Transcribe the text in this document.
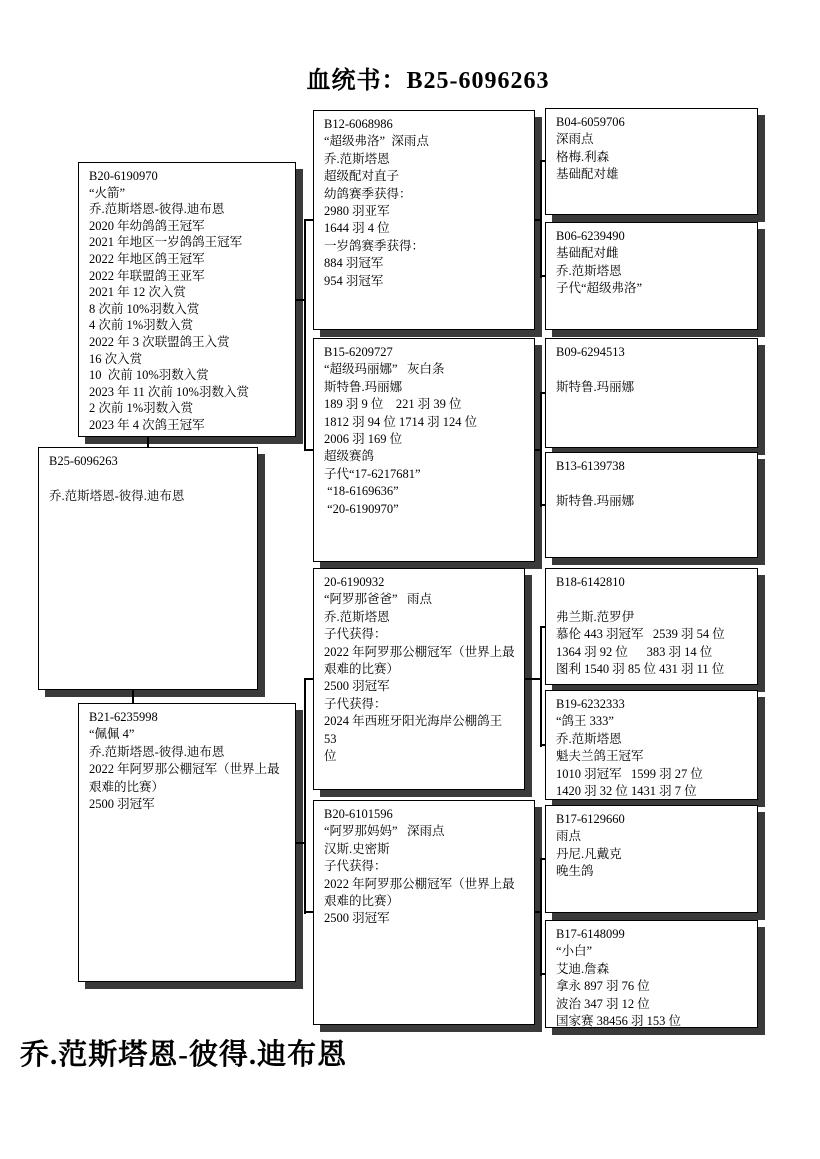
血统书：B25-6096263
B20-6190970
“火箭”
乔.范斯塔恩-彼得.迪布恩
2020 年幼鸽鸽王冠军
2021 年地区一岁鸽鸽王冠军
2022 年地区鸽王冠军
2022 年联盟鸽王亚军
2021 年 12 次入赏
8 次前 10%羽数入赏
4 次前 1%羽数入赏
2022 年 3 次联盟鸽王入赏
16 次入赏
10  次前 10%羽数入赏
2023 年 11 次前 10%羽数入赏
2 次前 1%羽数入赏
2023 年 4 次鸽王冠军
B25-6096263
乔.范斯塔恩-彼得.迪布恩
B21-6235998
“佩佩 4”
乔.范斯塔恩-彼得.迪布恩
2022 年阿罗那公棚冠军（世界上最
艰难的比赛）
2500 羽冠军
B12-6068986
“超级弗洛”  深雨点
乔.范斯塔恩
超级配对直子
幼鸽赛季获得：
2980 羽亚军
1644 羽 4 位
一岁鸽赛季获得：
884 羽冠军
954 羽冠军
B15-6209727
“超级玛丽娜”   灰白条
斯特鲁.玛丽娜
189 羽 9 位    221 羽 39 位
1812 羽 94 位 1714 羽 124 位
2006 羽 169 位
超级赛鸽
子代“17-6217681”
“18-6169636”
“20-6190970”
20-6190932
“阿罗那爸爸”   雨点
乔.范斯塔恩
子代获得：
2022 年阿罗那公棚冠军（世界上最
艰难的比赛）
2500 羽冠军
子代获得：
2024 年西班牙阳光海岸公棚鸽王 53
位
B20-6101596
“阿罗那妈妈”   深雨点
汉斯.史密斯
子代获得：
2022 年阿罗那公棚冠军（世界上最
艰难的比赛）
2500 羽冠军
B04-6059706
深雨点
格梅.利森
基础配对雄
B06-6239490
基础配对雌
乔.范斯塔恩
子代“超级弗洛”
B09-6294513
斯特鲁.玛丽娜
B13-6139738
斯特鲁.玛丽娜
B18-6142810
弗兰斯.范罗伊
慕伦 443 羽冠军   2539 羽 54 位
1364 羽 92 位      383 羽 14 位
图利 1540 羽 85 位 431 羽 11 位
B19-6232333
“鸽王 333”
乔.范斯塔恩
魁夫兰鸽王冠军
1010 羽冠军   1599 羽 27 位
1420 羽 32 位 1431 羽 7 位
B17-6129660
雨点
丹尼.凡戴克
晚生鸽
B17-6148099
“小白”
艾迪.詹森
拿永 897 羽 76 位
波治 347 羽 12 位
国家赛 38456 羽 153 位
乔.范斯塔恩-彼得.迪布恩
